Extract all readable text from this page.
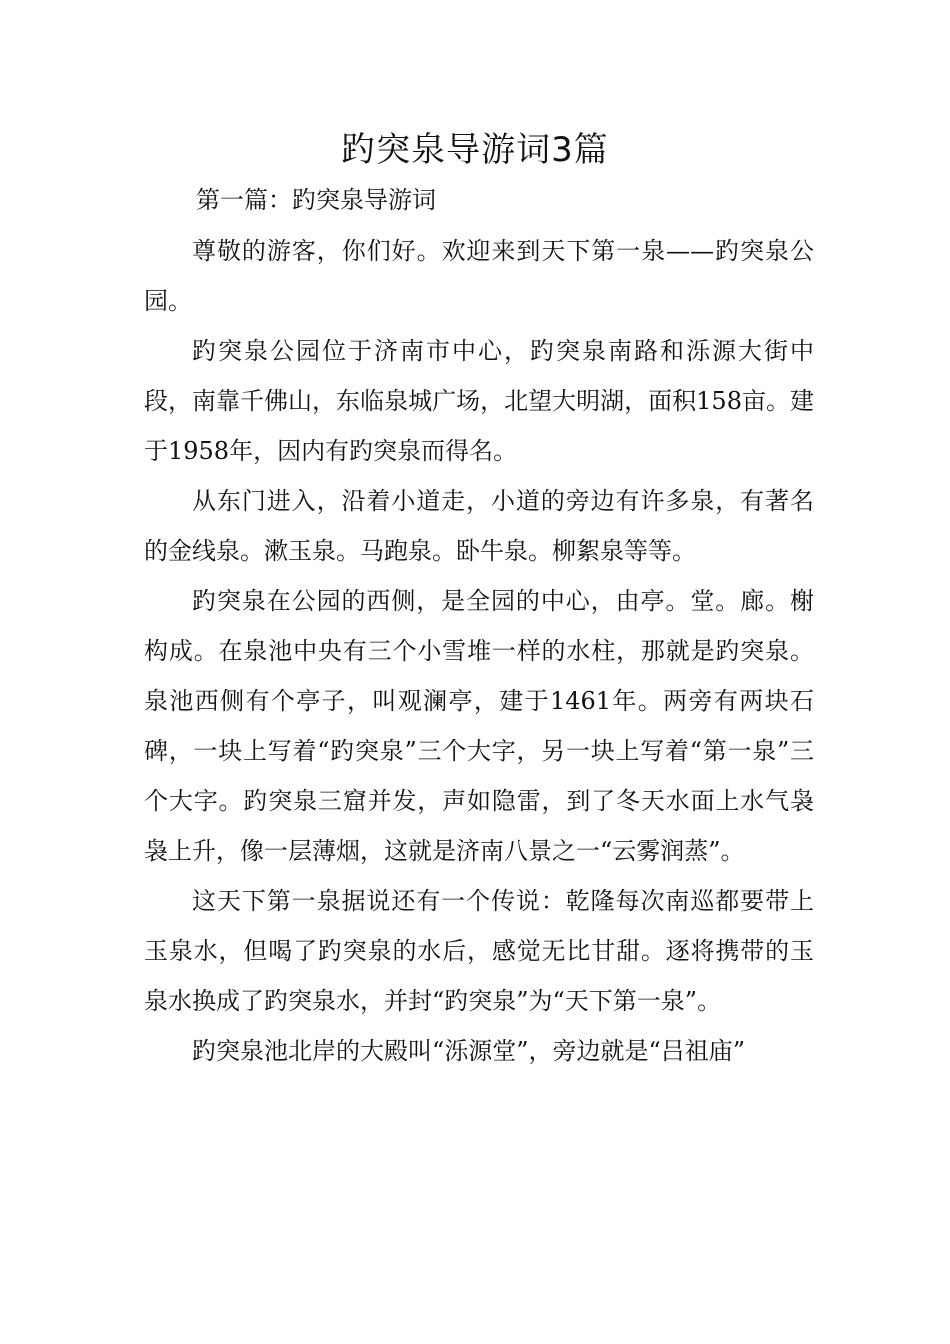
趵突泉导游词3篇

第一篇：趵突泉导游词

尊敬的游客，你们好。欢迎来到天下第一泉——趵突泉公园。

趵突泉公园位于济南市中心，趵突泉南路和泺源大街中段，南靠千佛山，东临泉城广场，北望大明湖，面积158亩。建于1958年，因内有趵突泉而得名。

从东门进入，沿着小道走，小道的旁边有许多泉，有著名的金线泉。漱玉泉。马跑泉。卧牛泉。柳絮泉等等。

趵突泉在公园的西侧，是全园的中心，由亭。堂。廊。榭构成。在泉池中央有三个小雪堆一样的水柱，那就是趵突泉。泉池西侧有个亭子，叫观澜亭，建于1461年。两旁有两块石碑，一块上写着“趵突泉”三个大字，另一块上写着“第一泉”三个大字。趵突泉三窟并发，声如隐雷，到了冬天水面上水气袅袅上升，像一层薄烟，这就是济南八景之一“云雾润蒸”。

这天下第一泉据说还有一个传说：乾隆每次南巡都要带上玉泉水，但喝了趵突泉的水后，感觉无比甘甜。逐将携带的玉泉水换成了趵突泉水，并封“趵突泉”为“天下第一泉”。

趵突泉池北岸的大殿叫“泺源堂”，旁边就是“吕祖庙”
